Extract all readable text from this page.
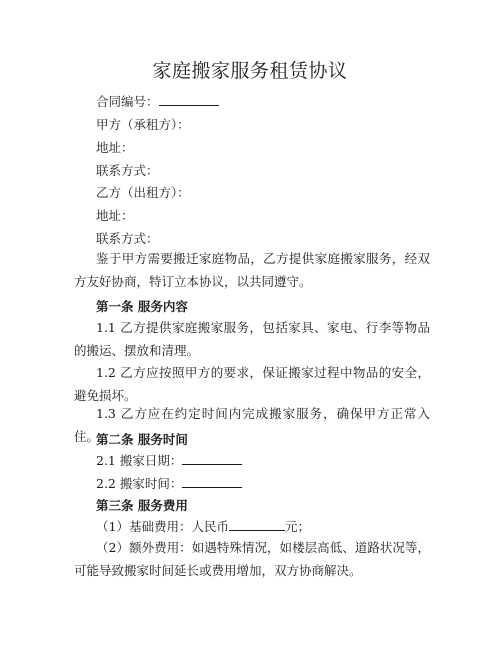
家庭搬家服务租赁协议
合同编号：
甲方（承租方）：
地址：
联系方式：
乙方（出租方）：
地址：
联系方式：
鉴于甲方需要搬迁家庭物品，乙方提供家庭搬家服务，经双方友好协商，特订立本协议，以共同遵守。
第一条 服务内容
1.1 乙方提供家庭搬家服务，包括家具、家电、行李等物品的搬运、摆放和清理。
1.2 乙方应按照甲方的要求，保证搬家过程中物品的安全，避免损坏。
1.3 乙方应在约定时间内完成搬家服务，确保甲方正常入住。
第二条 服务时间
2.1 搬家日期：
2.2 搬家时间：
第三条 服务费用
（1）基础费用：人民币	元；
（2）额外费用：如遇特殊情况，如楼层高低、道路状况等，可能导致搬家时间延长或费用增加，双方协商解决。
